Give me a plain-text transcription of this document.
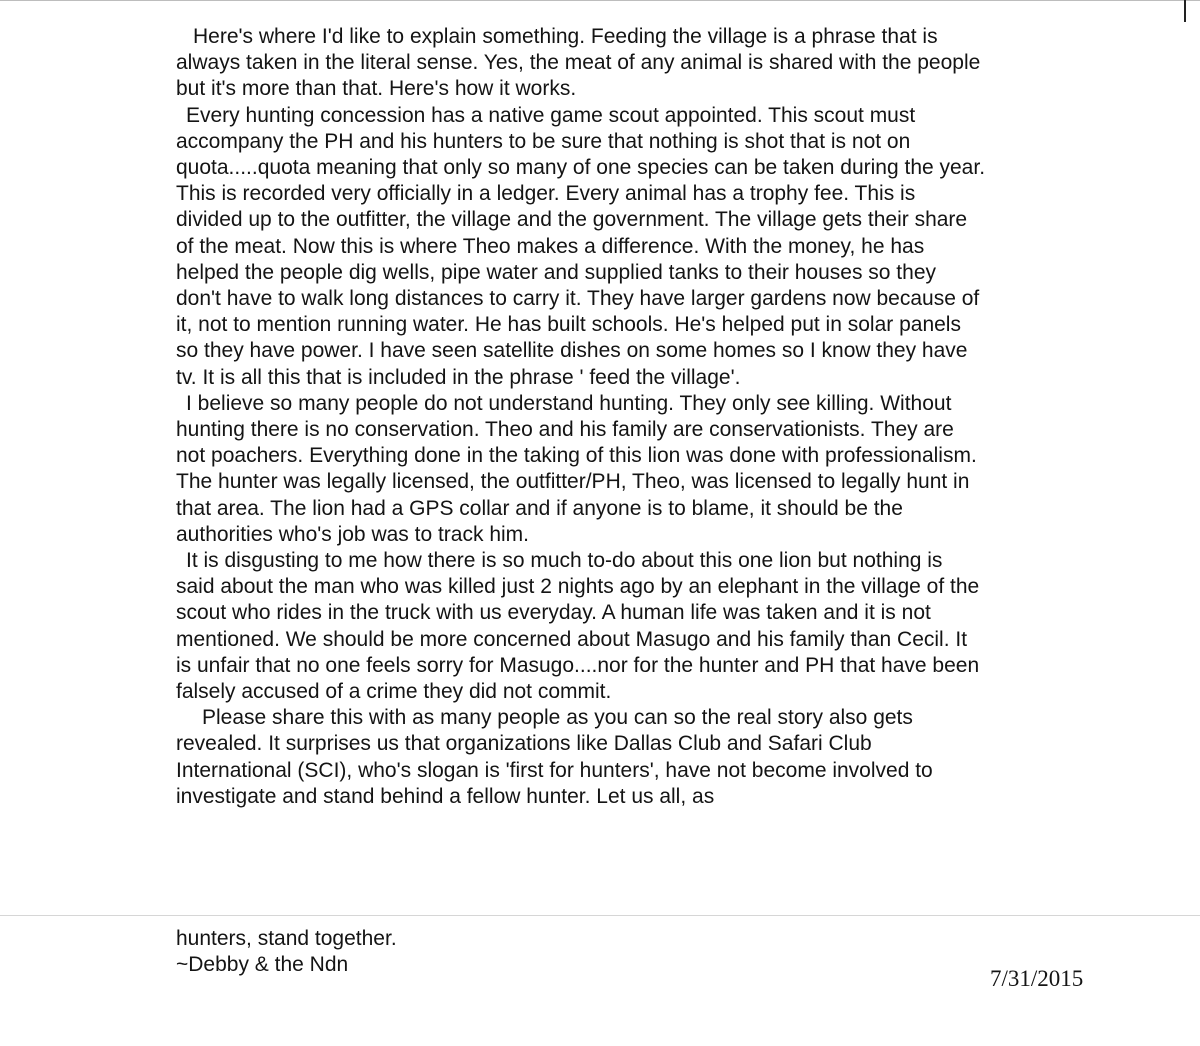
Here's where I'd like to explain something. Feeding the village is a phrase that is always taken in the literal sense. Yes, the meat of any animal is shared with the people but it's more than that. Here's how it works.

Every hunting concession has a native game scout appointed. This scout must accompany the PH and his hunters to be sure that nothing is shot that is not on quota.....quota meaning that only so many of one species can be taken during the year. This is recorded very officially in a ledger. Every animal has a trophy fee. This is divided up to the outfitter, the village and the government. The village gets their share of the meat. Now this is where Theo makes a difference. With the money, he has helped the people dig wells, pipe water and supplied tanks to their houses so they don't have to walk long distances to carry it. They have larger gardens now because of it, not to mention running water. He has built schools. He's helped put in solar panels so they have power. I have seen satellite dishes on some homes so I know they have tv. It is all this that is included in the phrase ' feed the village'.

I believe so many people do not understand hunting. They only see killing. Without hunting there is no conservation. Theo and his family are conservationists. They are not poachers. Everything done in the taking of this lion was done with professionalism. The hunter was legally licensed, the outfitter/PH, Theo, was licensed to legally hunt in that area. The lion had a GPS collar and if anyone is to blame, it should be the authorities who's job was to track him.

It is disgusting to me how there is so much to-do about this one lion but nothing is said about the man who was killed just 2 nights ago by an elephant in the village of the scout who rides in the truck with us everyday. A human life was taken and it is not mentioned. We should be more concerned about Masugo and his family than Cecil. It is unfair that no one feels sorry for Masugo....nor for the hunter and PH that have been falsely accused of a crime they did not commit.

Please share this with as many people as you can so the real story also gets revealed. It surprises us that organizations like Dallas Club and Safari Club International (SCI), who's slogan is 'first for hunters', have not become involved to investigate and stand behind a fellow hunter. Let us all, as

hunters, stand together.

~Debby & the Ndn

7/31/2015
